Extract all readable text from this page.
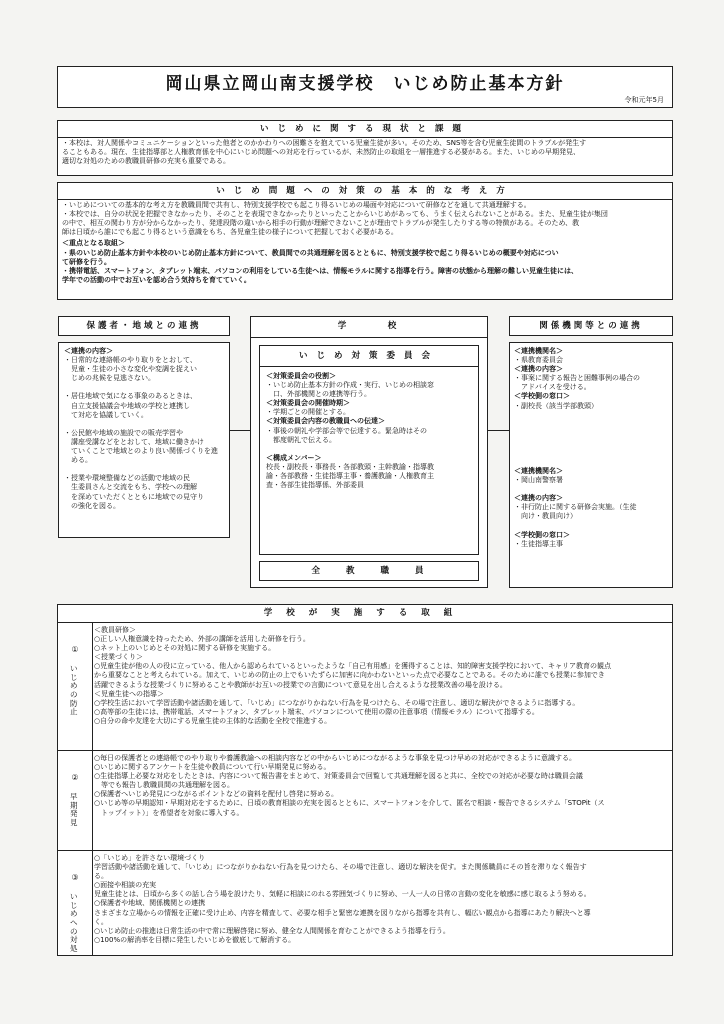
岡山県立岡山南支援学校　いじめ防止基本方針
令和元年5月
いじめに関する現状と課題
・本校は、対人関係やコミュニケーションといった他者とのかかわりへの困難さを抱えている児童生徒が多い。そのため、SNS等を含む児童生徒間のトラブルが発生す
ることもある。現在、生徒指導部と人権教育係を中心にいじめ問題への対応を行っているが、未然防止の取組を一層推進する必要がある。また、いじめの早期発見、
適切な対処のための教職員研修の充実も重要である。
いじめ問題への対策の基本的な考え方
・いじめについての基本的な考え方を教職員間で共有し、特別支援学校でも起こり得るいじめの場面や対応について研修などを通して共通理解する。
・本校では、自分の状況を把握できなかったり、そのことを表現できなかったりといったことからいじめがあっても、うまく伝えられないことがある。また、児童生徒が集団
の中で、相互の関わり方が分からなかったり、発達段階の違いから相手の行動が理解できないことが理由でトラブルが発生したりする等の特徴がある。そのため、教
師は日頃から誰にでも起こり得るという意識をもち、各児童生徒の様子について把握しておく必要がある。
＜重点となる取組＞
・県のいじめ防止基本方針や本校のいじめ防止基本方針について、教員間での共通理解を図るとともに、特別支援学校で起こり得るいじめの概要や対応につい
て研修を行う。
・携帯電話、スマートフォン、タブレット端末、パソコンの利用をしている生徒へは、情報モラルに関する指導を行う。障害の状態から理解の難しい児童生徒には、
学年での活動の中でお互いを認め合う気持ちを育てていく。
保護者・地域との連携
＜連携の内容＞
・日常的な連絡帳のやり取りをとおして、
　児童・生徒の小さな変化や変調を捉えい
　じめの兆候を見逃さない。

・居住地域で気になる事象のあるときは、
　自立支援協議会や地域の学校と連携し
　て対応を協議していく。

・公民館や地域の施設での販売学習や
　講座受講などをとおして、地域に働きかけ
　ていくことで地域とのより良い関係づくりを進
　める。

・授業や環境整備などの活動で地域の民
　生委員さんと交流をもち、学校への理解
　を深めていただくとともに地域での見守り
　の強化を図る。
学　　　校
いじめ対策委員会
＜対策委員会の役割＞
・いじめ防止基本方針の作成・実行、いじめの相談窓
　口、外部機関との連携等行う。
＜対策委員会の開催時期＞
・学期ごとの開催とする。
＜対策委員会内容の教職員への伝達＞
・事後の朝礼や学部会等で伝達する。緊急時はその
　都度朝礼で伝える。

＜構成メンバー＞
校長・副校長・事務長・各部教頭・主幹教諭・指導教
諭・各部教務・生徒指導主事・養護教諭・人権教育主
査・各部生徒指導係、外部委員
全　　教　　職　　員
関係機関等との連携
＜連携機関名＞
・県教育委員会
＜連携の内容＞
・事案に関する報告と困難事例の場合の
　アドバイスを受ける。
＜学校側の窓口＞
・副校長（該当学部教頭）
＜連携機関名＞
・岡山南警察署

＜連携の内容＞
・非行防止に関する研修会実施。（生徒
　向け・教員向け）

＜学校側の窓口＞
・生徒指導主事
学校が実施する取組
①
いじめの防止
＜教員研修＞
○正しい人権意識を持ったため、外部の講師を活用した研修を行う。
○ネット上のいじめとその対処に関する研修を実施する。
＜授業づくり＞
○児童生徒が他の人の役に立っている、他人から認められているといったような「自己有用感」を獲得することは、知的障害支援学校において、キャリア教育の観点
から重要なことと考えられている。加えて、いじめの防止の上でもいたずらに加害に向かわないといった点で必要なことである。そのために誰でも授業に参加でき
活躍できるような授業づくりに努めることや教師がお互いの授業での言動について意見を出し合えるような授業改善の場を設ける。
＜児童生徒への指導＞
○学校生活において学習活動や諸活動を通して、「いじめ」につながりかねない行為を見つけたら、その場で注意し、適切な解決ができるように指導する。
○高等部の生徒には、携帯電話、スマートフォン、タブレット端末、パソコンについて使用の際の注意事項（情報モラル）について指導する。
○自分の命や友達を大切にする児童生徒の主体的な活動を全校で推進する。
②
早期発見
○毎日の保護者との連絡帳でのやり取りや養護教諭への相談内容などの中からいじめにつながるような事象を見つけ早めの対応ができるように意識する。
○いじめに関するアンケートを生徒や教員について行い早期発見に努める。
○生徒指導上必要な対応をしたときは、内容について報告書をまとめて、対策委員会で回覧して共通理解を図ると共に、全校での対応が必要な時は職員会議
　等でも報告し教職員間の共通理解を図る。
○保護者へいじめ発見につながるポイントなどの資料を配付し啓発に努める。
○いじめ等の早期認知・早期対応をするために、日頃の教育相談の充実を図るとともに、スマートフォンを介して、匿名で相談・報告できるシステム「STOPit（ス
　トップイット）」を希望者を対象に導入する。
③
いじめへの対処
○「いじめ」を許さない環境づくり
学習活動や諸活動を通して、「いじめ」につながりかねない行為を見つけたら、その場で注意し、適切な解決を促す。また関係職員にその旨を滞りなく報告す
る。
○面接や相談の充実
児童生徒とは、日頃から多くの話し合う場を設けたり、気軽に相談にのれる雰囲気づくりに努め、一人一人の日常の言動の変化を敏感に感じ取るよう努める。
○保護者や地域、関係機関との連携
さまざまな立場からの情報を正確に受け止め、内容を精査して、必要な相手と緊密な連携を図りながら指導を共有し、幅広い観点から指導にあたり解決へと導
く。
○いじめ防止の推進は日常生活の中で常に理解啓発に努め、健全な人間関係を育むことができるよう指導を行う。
○100%の解消率を目標に発生したいじめを徹底して解消する。
